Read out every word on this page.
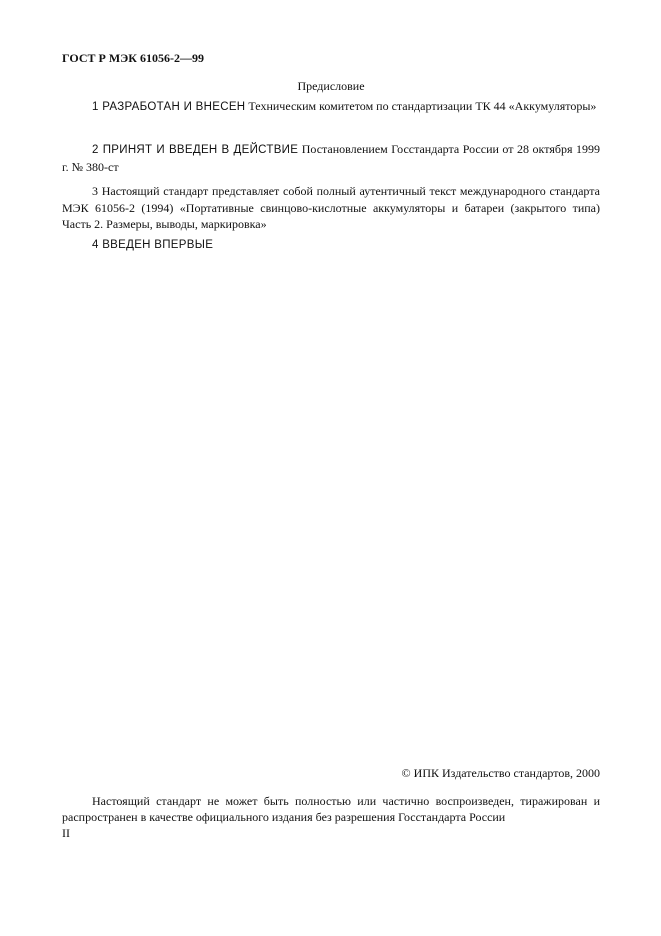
ГОСТ Р МЭК 61056-2—99
Предисловие
1 РАЗРАБОТАН И ВНЕСЕН Техническим комитетом по стандартизации ТК 44 «Аккумуляторы»
2 ПРИНЯТ И ВВЕДЕН В ДЕЙСТВИЕ Постановлением Госстандарта России от 28 октября 1999 г. № 380-ст
3 Настоящий стандарт представляет собой полный аутентичный текст международного стандарта МЭК 61056-2 (1994) «Портативные свинцово-кислотные аккумуляторы и батареи (закрытого типа) Часть 2. Размеры, выводы, маркировка»
4 ВВЕДЕН ВПЕРВЫЕ
© ИПК Издательство стандартов, 2000
Настоящий стандарт не может быть полностью или частично воспроизведен, тиражирован и распространен в качестве официального издания без разрешения Госстандарта России
II
